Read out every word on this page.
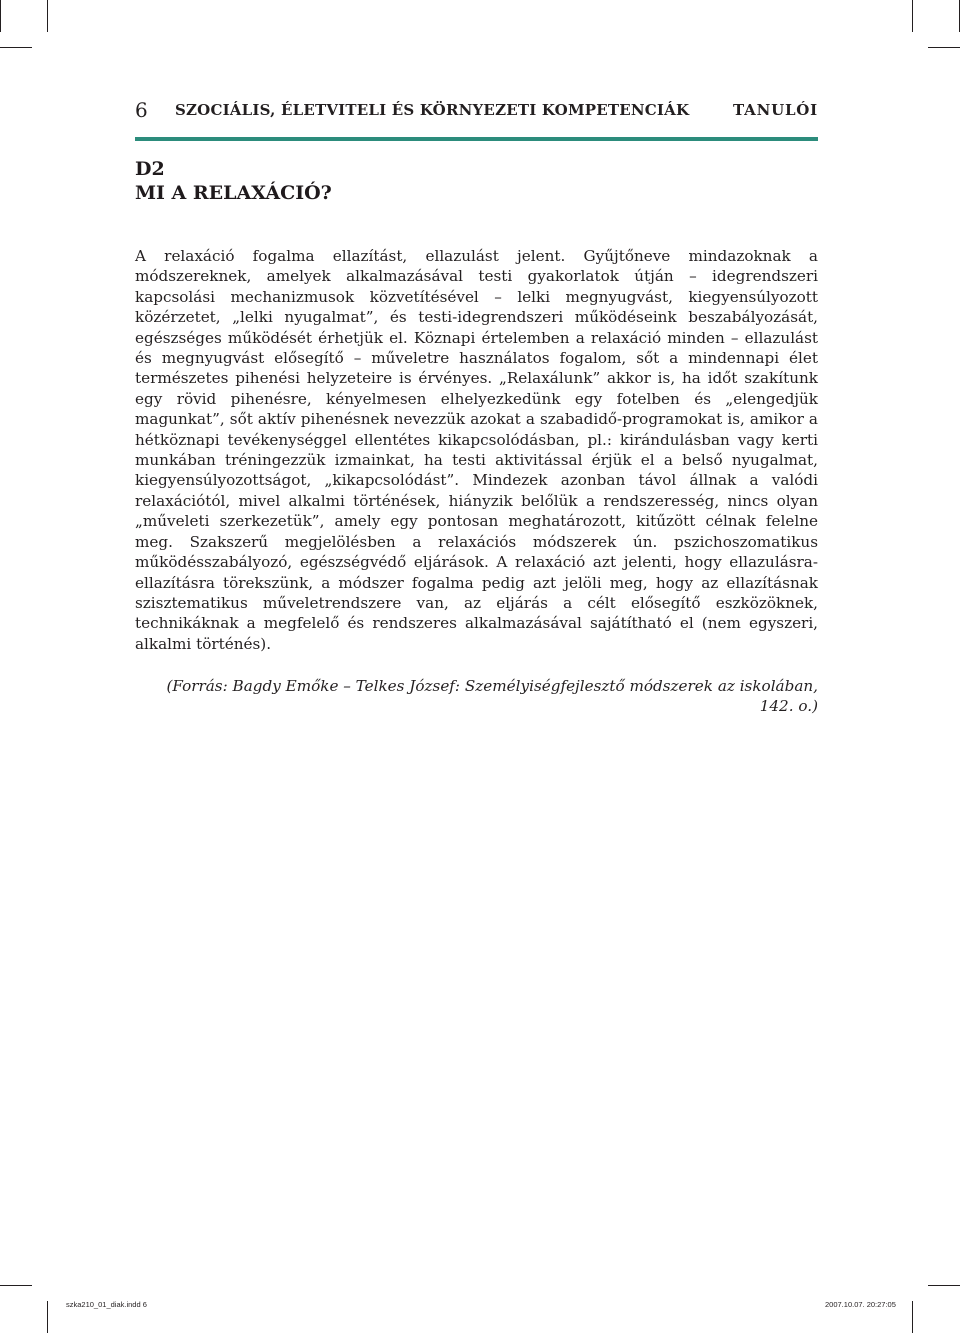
6 SZOCIÁLIS, ÉLETVITELI ÉS KÖRNYEZETI KOMPETENCIÁK	TANULÓI
D2
MI A RELAXÁCIÓ?

A relaxáció fogalma ellazítást, ellazulást jelent. Gyűjtőneve mindazoknak a módszereknek, amelyek alkalmazásával testi gyakorlatok útján – idegrendszeri kapcsolási mechanizmusok közvetítésével – lelki megnyugvást, kiegyensúlyozott közérzetet, „lelki nyugalmat”, és testi-idegrendszeri működéseink beszabályozását, egészséges működését érhetjük el. Köznapi értelemben a relaxáció minden – ellazulást és megnyugvást elősegítő – műveletre használatos fogalom, sőt a mindennapi élet természetes pihenési helyzeteire is érvényes. „Relaxálunk” akkor is, ha időt szakítunk egy rövid pihenésre, kényelmesen elhelyezkedünk egy fotelben és „elengedjük magunkat”, sőt aktív pihenésnek nevezzük azokat a szabadidő-programokat is, amikor a hétköznapi tevékenységgel ellentétes kikapcsolódásban, pl.: kirándulásban vagy kerti munkában tréningezzük izmainkat, ha testi aktivitással érjük el a belső nyugalmat, kiegyensúlyozottságot, „kikapcsolódást”. Mindezek azonban távol állnak a valódi relaxációtól, mivel alkalmi történések, hiányzik belőlük a rendszeresség, nincs olyan „műveleti szerkezetük”, amely egy pontosan meghatározott, kitűzött célnak felelne meg. Szakszerű megjelölésben a relaxációs módszerek ún. pszichoszomatikus működésszabályozó, egészségvédő eljárások. A relaxáció azt jelenti, hogy ellazulásra-ellazításra törekszünk, a módszer fogalma pedig azt jelöli meg, hogy az ellazításnak szisztematikus műveletrendszere van, az eljárás a célt elősegítő eszközöknek, technikáknak a megfelelő és rendszeres alkalmazásával sajátítható el (nem egyszeri, alkalmi történés).

(Forrás: Bagdy Emőke – Telkes József: Személyiségfejlesztő módszerek az iskolában, 142. o.)

szka210_01_diak.indd 6	2007.10.07. 20:27:05
